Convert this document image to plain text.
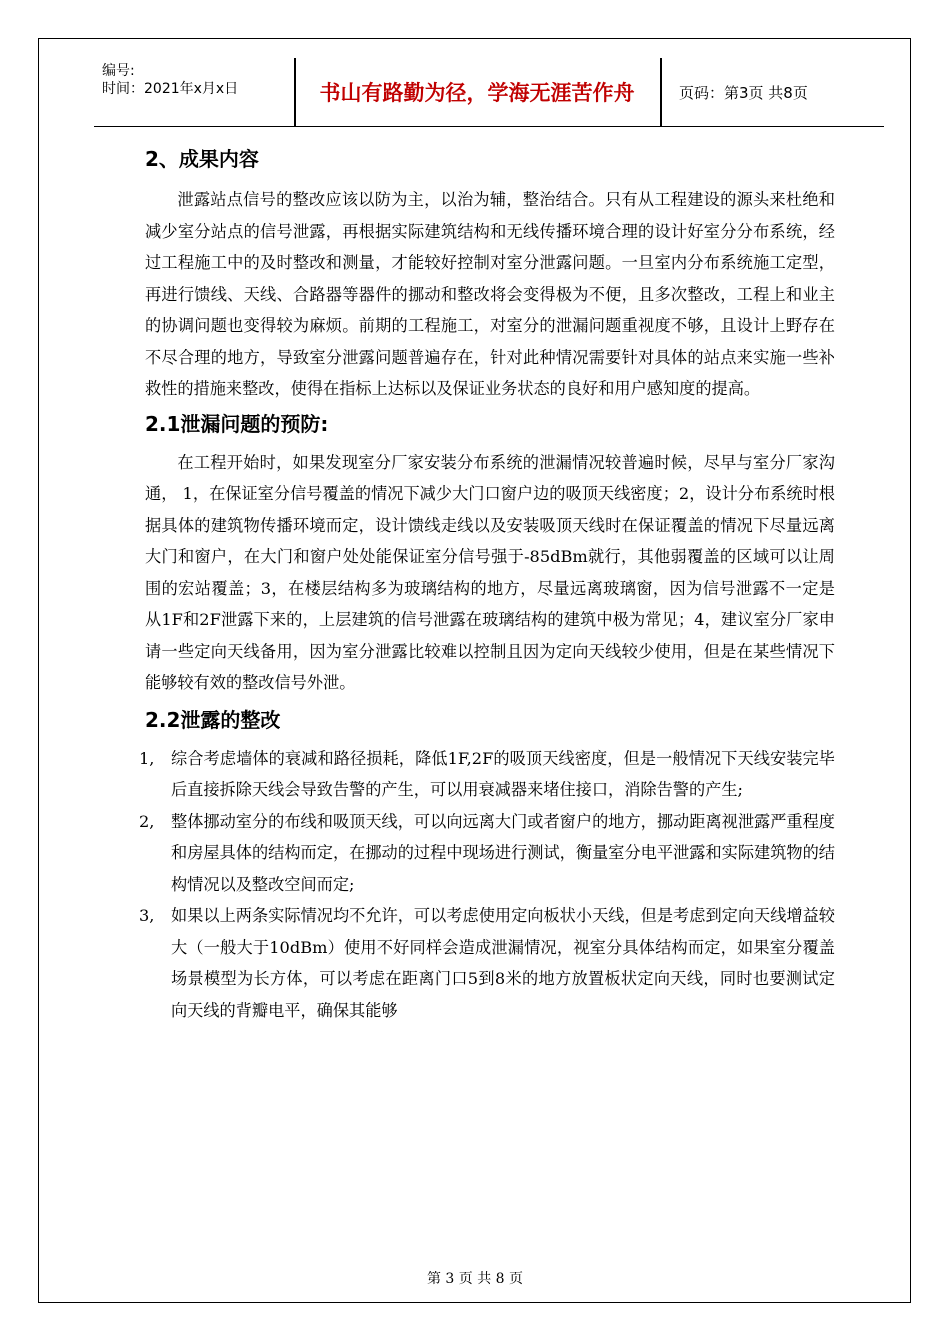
编号:
时间：2021年x月x日	书山有路勤为径，学海无涯苦作舟	页码：第3页 共8页
2、成果内容

泄露站点信号的整改应该以防为主，以治为辅，整治结合。只有从工程建设的源头来杜绝和减少室分站点的信号泄露，再根据实际建筑结构和无线传播环境合理的设计好室分分布系统，经过工程施工中的及时整改和测量，才能较好控制对室分泄露问题。一旦室内分布系统施工定型，再进行馈线、天线、合路器等器件的挪动和整改将会变得极为不便，且多次整改，工程上和业主的协调问题也变得较为麻烦。前期的工程施工，对室分的泄漏问题重视度不够，且设计上野存在不尽合理的地方，导致室分泄露问题普遍存在，针对此种情况需要针对具体的站点来实施一些补救性的措施来整改，使得在指标上达标以及保证业务状态的良好和用户感知度的提高。

2.1泄漏问题的预防:

在工程开始时，如果发现室分厂家安装分布系统的泄漏情况较普遍时候，尽早与室分厂家沟通， 1，在保证室分信号覆盖的情况下减少大门口窗户边的吸顶天线密度；2，设计分布系统时根据具体的建筑物传播环境而定，设计馈线走线以及安装吸顶天线时在保证覆盖的情况下尽量远离大门和窗户，在大门和窗户处处能保证室分信号强于-85dBm就行，其他弱覆盖的区域可以让周围的宏站覆盖；3，在楼层结构多为玻璃结构的地方，尽量远离玻璃窗，因为信号泄露不一定是从1F和2F泄露下来的，上层建筑的信号泄露在玻璃结构的建筑中极为常见；4，建议室分厂家申请一些定向天线备用，因为室分泄露比较难以控制且因为定向天线较少使用，但是在某些情况下能够较有效的整改信号外泄。

2.2泄露的整改
1, 综合考虑墙体的衰减和路径损耗，降低1F,2F的吸顶天线密度，但是一般情况下天线安装完毕后直接拆除天线会导致告警的产生，可以用衰减器来堵住接口，消除告警的产生;
2, 整体挪动室分的布线和吸顶天线，可以向远离大门或者窗户的地方，挪动距离视泄露严重程度和房屋具体的结构而定，在挪动的过程中现场进行测试，衡量室分电平泄露和实际建筑物的结构情况以及整改空间而定;
3, 如果以上两条实际情况均不允许，可以考虑使用定向板状小天线，但是考虑到定向天线增益较大（一般大于10dBm）使用不好同样会造成泄漏情况，视室分具体结构而定，如果室分覆盖场景模型为长方体，可以考虑在距离门口5到8米的地方放置板状定向天线，同时也要测试定向天线的背瓣电平，确保其能够
第 3 页 共 8 页
